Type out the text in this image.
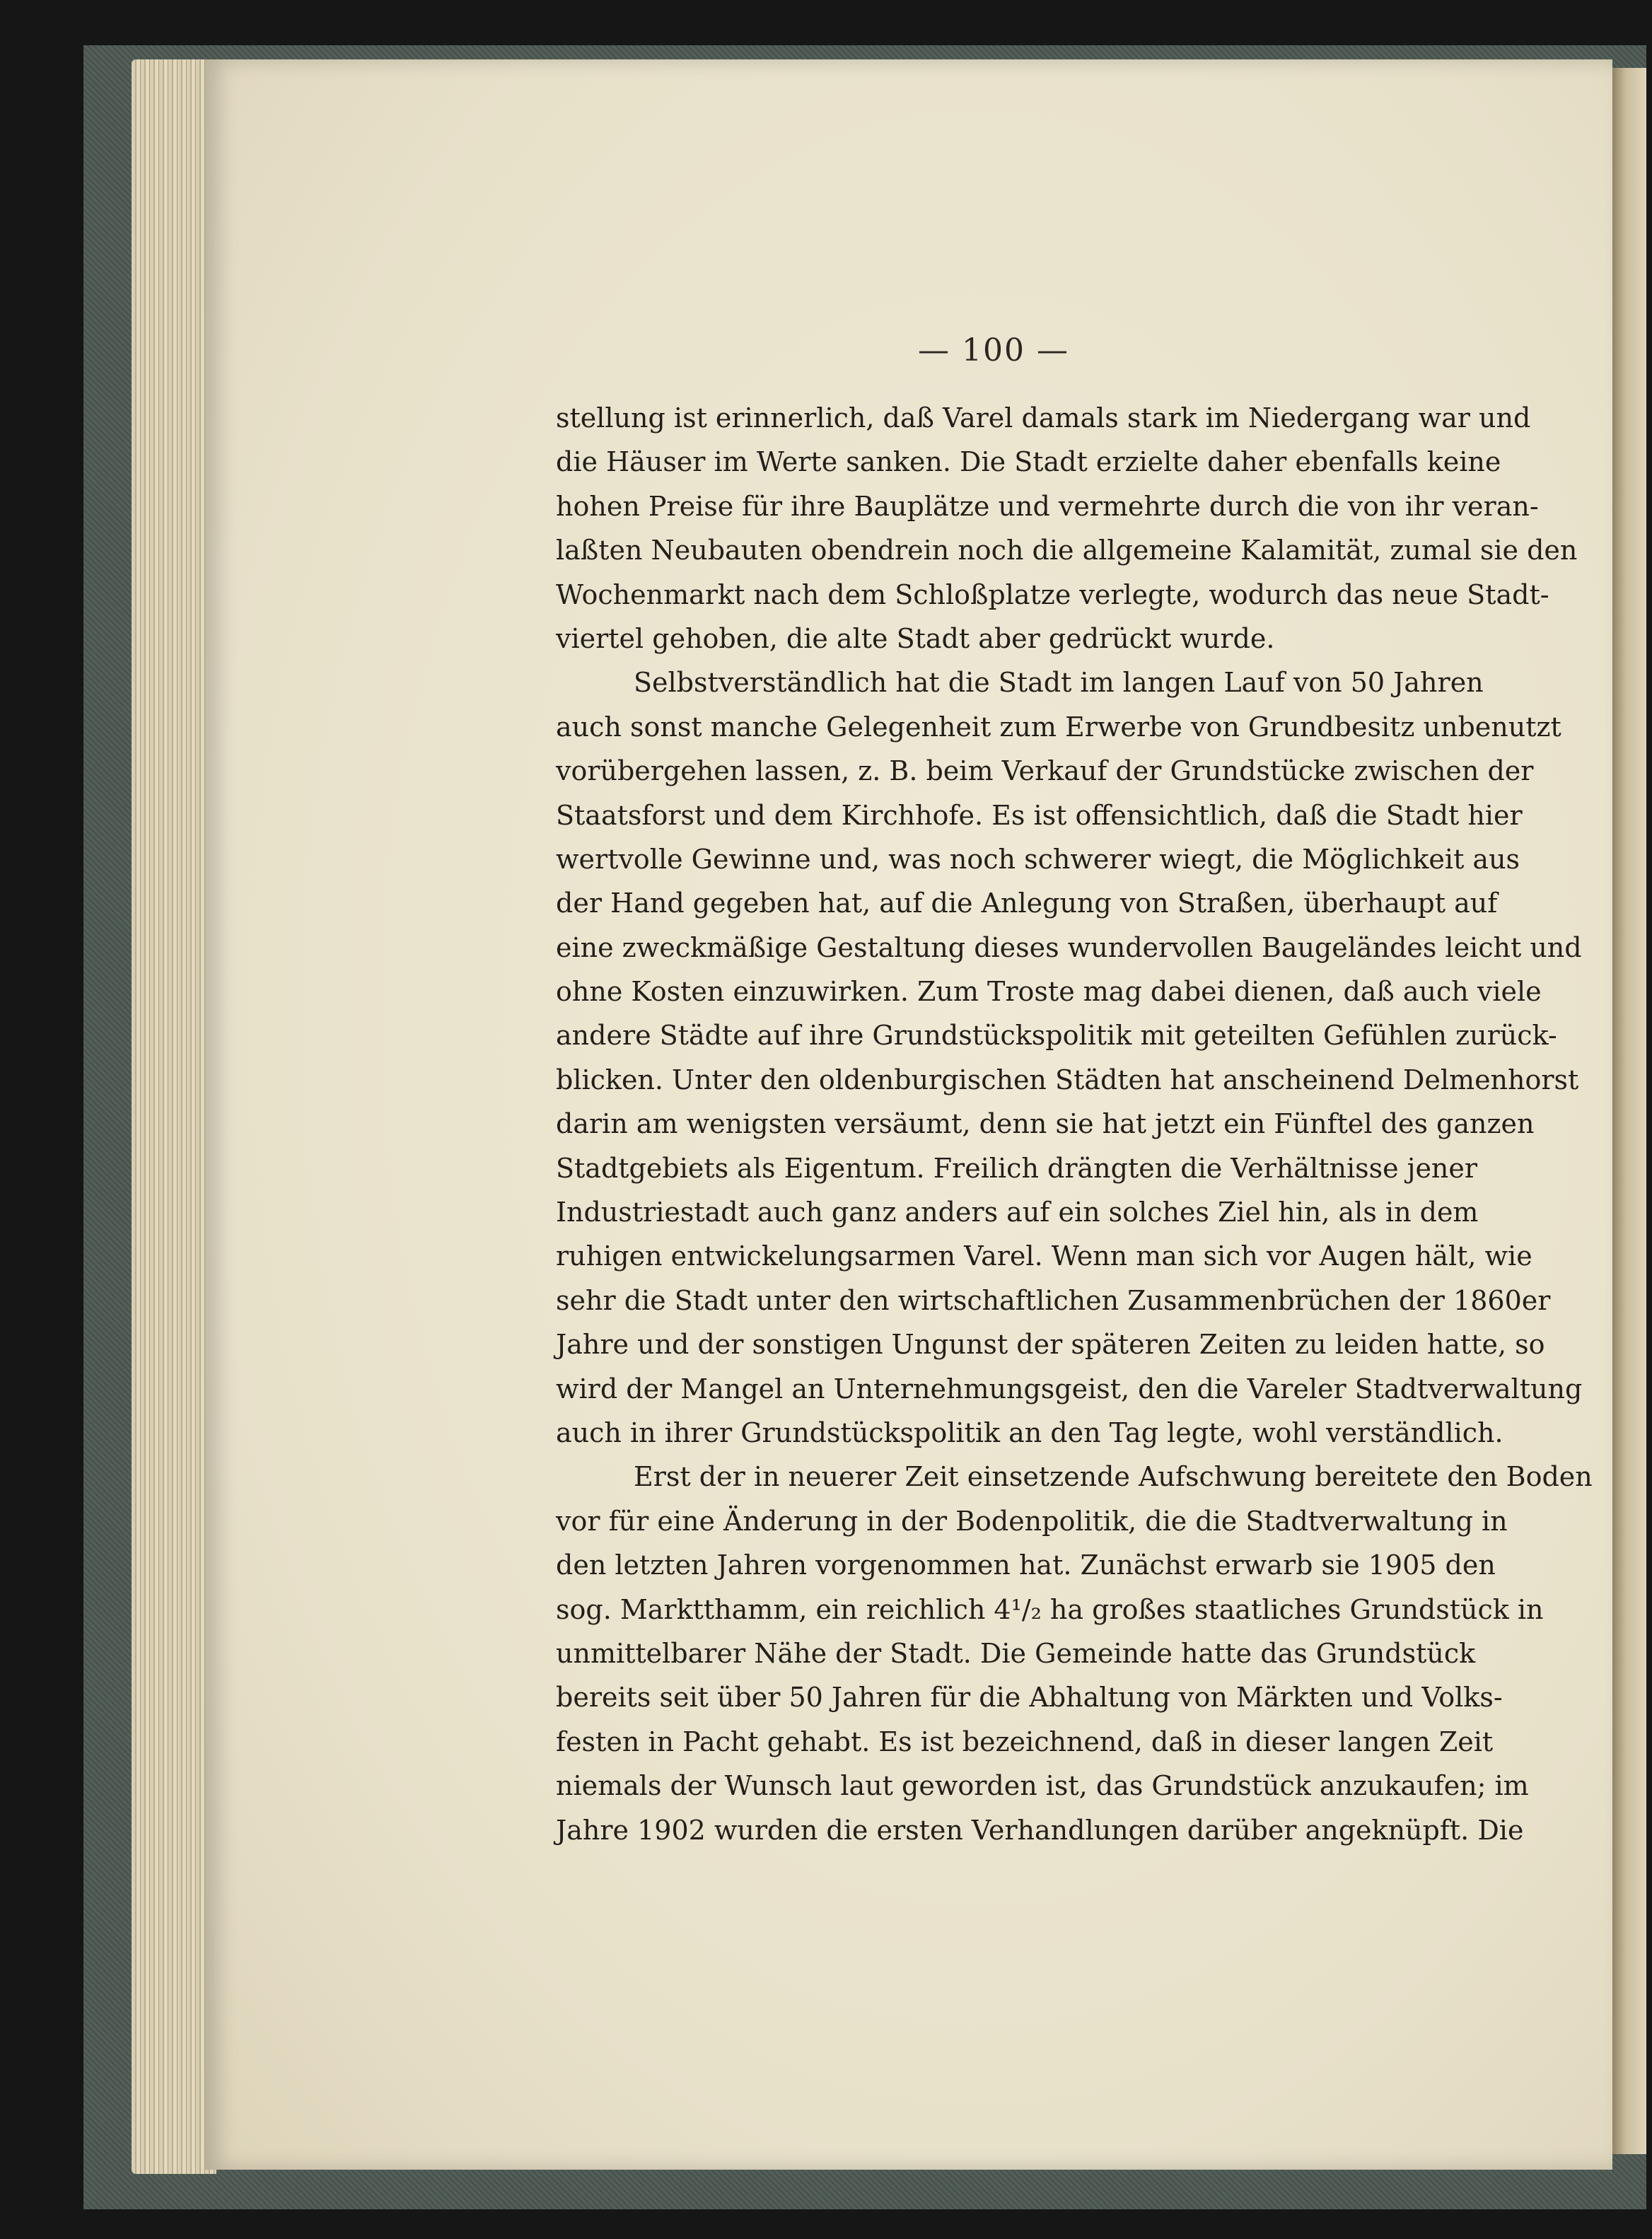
— 100 —
stellung ist erinnerlich, daß Varel damals stark im Niedergang war und
die Häuser im Werte sanken. Die Stadt erzielte daher ebenfalls keine
hohen Preise für ihre Bauplätze und vermehrte durch die von ihr veran-
laßten Neubauten obendrein noch die allgemeine Kalamität, zumal sie den
Wochenmarkt nach dem Schloßplatze verlegte, wodurch das neue Stadt-
viertel gehoben, die alte Stadt aber gedrückt wurde.
Selbstverständlich hat die Stadt im langen Lauf von 50 Jahren
auch sonst manche Gelegenheit zum Erwerbe von Grundbesitz unbenutzt
vorübergehen lassen, z. B. beim Verkauf der Grundstücke zwischen der
Staatsforst und dem Kirchhofe. Es ist offensichtlich, daß die Stadt hier
wertvolle Gewinne und, was noch schwerer wiegt, die Möglichkeit aus
der Hand gegeben hat, auf die Anlegung von Straßen, überhaupt auf
eine zweckmäßige Gestaltung dieses wundervollen Baugeländes leicht und
ohne Kosten einzuwirken. Zum Troste mag dabei dienen, daß auch viele
andere Städte auf ihre Grundstückspolitik mit geteilten Gefühlen zurück-
blicken. Unter den oldenburgischen Städten hat anscheinend Delmenhorst
darin am wenigsten versäumt, denn sie hat jetzt ein Fünftel des ganzen
Stadtgebiets als Eigentum. Freilich drängten die Verhältnisse jener
Industriestadt auch ganz anders auf ein solches Ziel hin, als in dem
ruhigen entwickelungsarmen Varel. Wenn man sich vor Augen hält, wie
sehr die Stadt unter den wirtschaftlichen Zusammenbrüchen der 1860er
Jahre und der sonstigen Ungunst der späteren Zeiten zu leiden hatte, so
wird der Mangel an Unternehmungsgeist, den die Vareler Stadtverwaltung
auch in ihrer Grundstückspolitik an den Tag legte, wohl verständlich.
Erst der in neuerer Zeit einsetzende Aufschwung bereitete den Boden
vor für eine Änderung in der Bodenpolitik, die die Stadtverwaltung in
den letzten Jahren vorgenommen hat. Zunächst erwarb sie 1905 den
sog. Marktthamm, ein reichlich 4¹/₂ ha großes staatliches Grundstück in
unmittelbarer Nähe der Stadt. Die Gemeinde hatte das Grundstück
bereits seit über 50 Jahren für die Abhaltung von Märkten und Volks-
festen in Pacht gehabt. Es ist bezeichnend, daß in dieser langen Zeit
niemals der Wunsch laut geworden ist, das Grundstück anzukaufen; im
Jahre 1902 wurden die ersten Verhandlungen darüber angeknüpft. Die
